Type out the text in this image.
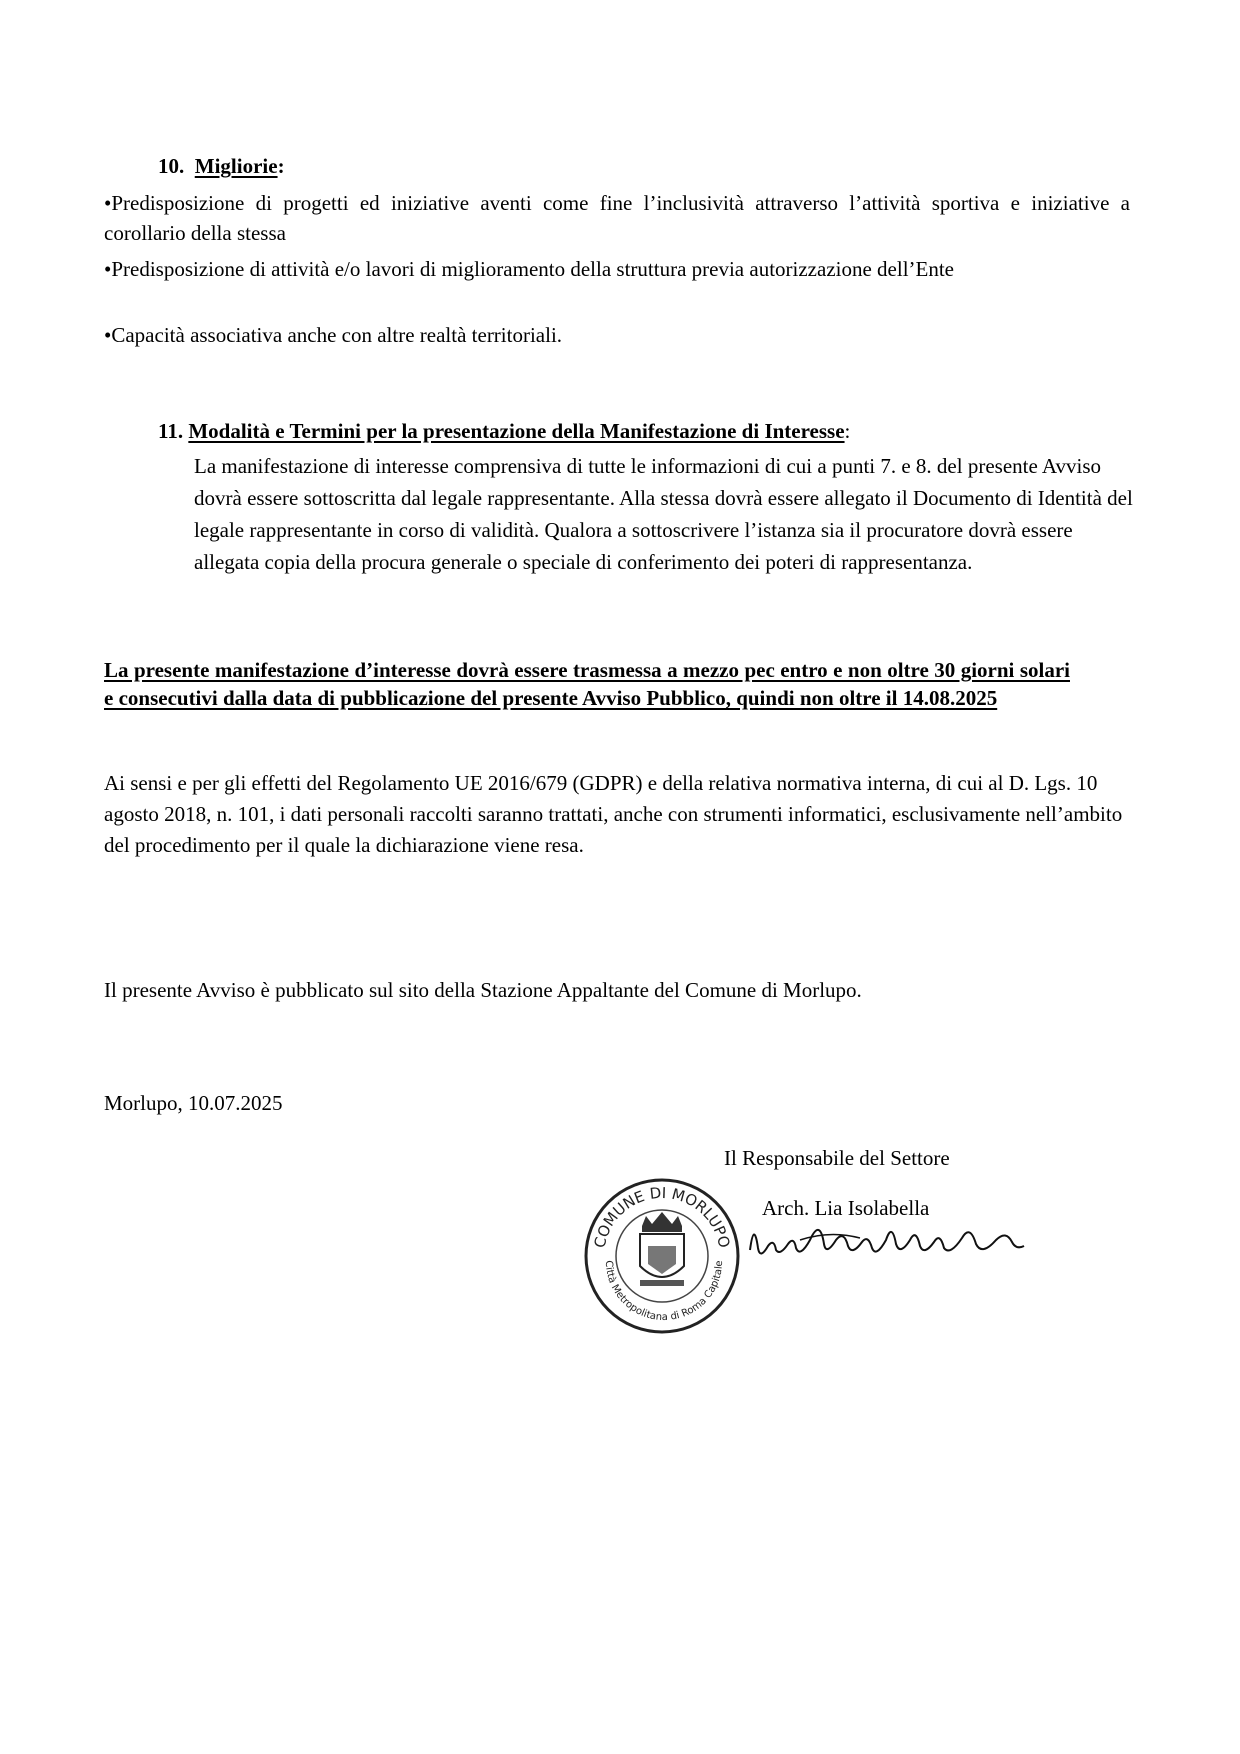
10. Migliorie:
•Predisposizione di progetti ed iniziative aventi come fine l’inclusività attraverso l’attività sportiva e iniziative a corollario della stessa
•Predisposizione di attività e/o lavori di miglioramento della struttura previa autorizzazione dell’Ente
•Capacità associativa anche con altre realtà territoriali.
11. Modalità e Termini per la presentazione della Manifestazione di Interesse:
La manifestazione di interesse comprensiva di tutte le informazioni di cui a punti 7. e 8. del presente Avviso dovrà essere sottoscritta dal legale rappresentante. Alla stessa dovrà essere allegato il Documento di Identità del legale rappresentante in corso di validità. Qualora a sottoscrivere l’istanza sia il procuratore dovrà essere allegata copia della procura generale o speciale di conferimento dei poteri di rappresentanza.
La presente manifestazione d’interesse dovrà essere trasmessa a mezzo pec entro e non oltre 30 giorni solari e consecutivi dalla data di pubblicazione del presente Avviso Pubblico, quindi non oltre il 14.08.2025
Ai sensi e per gli effetti del Regolamento UE 2016/679 (GDPR) e della relativa normativa interna, di cui al D. Lgs. 10 agosto 2018, n. 101, i dati personali raccolti saranno trattati, anche con strumenti informatici, esclusivamente nell’ambito del procedimento per il quale la dichiarazione viene resa.
Il presente Avviso è pubblicato sul sito della Stazione Appaltante del Comune di Morlupo.
Morlupo, 10.07.2025
Il Responsabile del Settore
Arch. Lia Isolabella
COMUNE DI MORLUPO
Città Metropolitana di Roma Capitale
